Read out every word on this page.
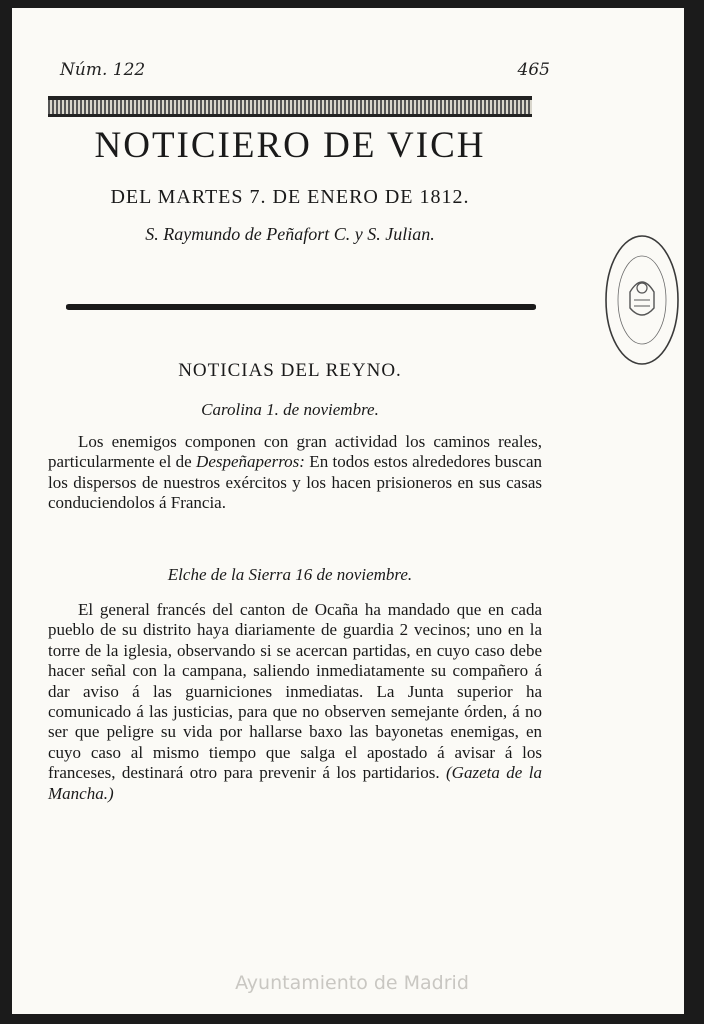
Núm. 122	465
NOTICIERO DE VICH
DEL MARTES 7. DE ENERO DE 1812.
S. Raymundo de Peñafort C. y S. Julian.
NOTICIAS DEL REYNO.
Carolina 1. de noviembre.

Los enemigos componen con gran actividad los caminos reales, particularmente el de Despeñaperros: En todos estos alrededores buscan los dispersos de nuestros exércitos y los hacen prisioneros en sus casas conduciendolos á Francia.

Elche de la Sierra 16 de noviembre.

El general francés del canton de Ocaña ha mandado que en cada pueblo de su distrito haya diariamente de guardia 2 vecinos; uno en la torre de la iglesia, observando si se acercan partidas, en cuyo caso debe hacer señal con la campana, saliendo inmediatamente su compañero á dar aviso á las guarniciones inmediatas. La Junta superior ha comunicado á las justicias, para que no observen semejante órden, á no ser que peligre su vida por hallarse baxo las bayonetas enemigas, en cuyo caso al mismo tiempo que salga el apostado á avisar á los franceses, destinará otro para prevenir á los partidarios. (Gazeta de la Mancha.)

Ayuntamiento de Madrid
